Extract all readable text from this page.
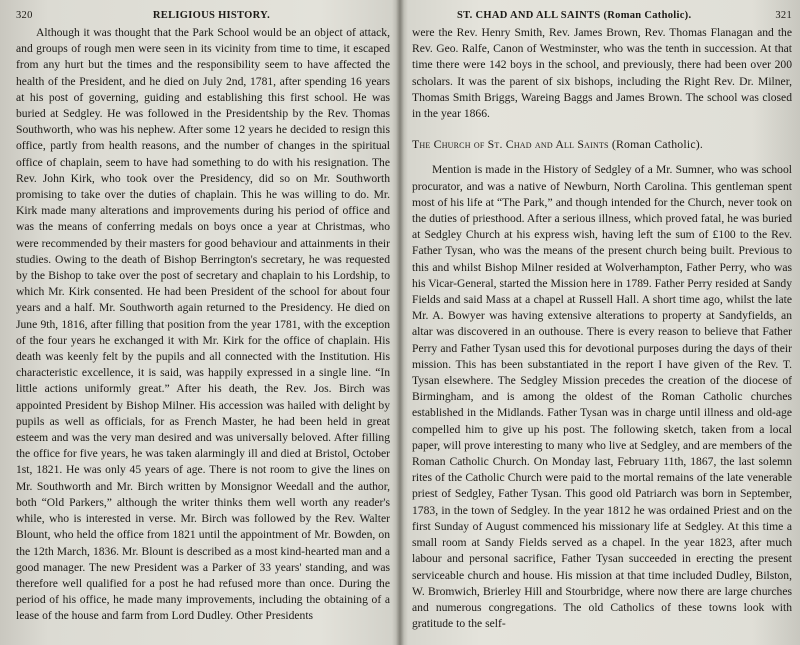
320	RELIGIOUS HISTORY.

Although it was thought that the Park School would be an object of attack, and groups of rough men were seen in its vicinity from time to time, it escaped from any hurt but the times and the responsibility seem to have affected the health of the President, and he died on July 2nd, 1781, after spending 16 years at his post of governing, guiding and establishing this first school. He was buried at Sedgley. He was followed in the Presidentship by the Rev. Thomas Southworth, who was his nephew. After some 12 years he decided to resign this office, partly from health reasons, and the number of changes in the spiritual office of chaplain, seem to have had something to do with his resignation. The Rev. John Kirk, who took over the Presidency, did so on Mr. Southworth promising to take over the duties of chaplain. This he was willing to do. Mr. Kirk made many alterations and improvements during his period of office and was the means of conferring medals on boys once a year at Christmas, who were recommended by their masters for good behaviour and attainments in their studies. Owing to the death of Bishop Berrington's secretary, he was requested by the Bishop to take over the post of secretary and chaplain to his Lordship, to which Mr. Kirk consented. He had been President of the school for about four years and a half. Mr. Southworth again returned to the Presidency. He died on June 9th, 1816, after filling that position from the year 1781, with the exception of the four years he exchanged it with Mr. Kirk for the office of chaplain. His death was keenly felt by the pupils and all connected with the Institution. His characteristic excellence, it is said, was happily expressed in a single line. “In little actions uniformly great.” After his death, the Rev. Jos. Birch was appointed President by Bishop Milner. His accession was hailed with delight by pupils as well as officials, for as French Master, he had been held in great esteem and was the very man desired and was universally beloved. After filling the office for five years, he was taken alarmingly ill and died at Bristol, October 1st, 1821. He was only 45 years of age. There is not room to give the lines on Mr. Southworth and Mr. Birch written by Monsignor Weedall and the author, both “Old Parkers,” although the writer thinks them well worth any reader's while, who is interested in verse. Mr. Birch was followed by the Rev. Walter Blount, who held the office from 1821 until the appointment of Mr. Bowden, on the 12th March, 1836. Mr. Blount is described as a most kind-hearted man and a good manager. The new President was a Parker of 33 years' standing, and was therefore well qualified for a post he had refused more than once. During the period of his office, he made many improvements, including the obtaining of a lease of the house and farm from Lord Dudley. Other Presidents

ST. CHAD AND ALL SAINTS (Roman Catholic).	321

were the Rev. Henry Smith, Rev. James Brown, Rev. Thomas Flanagan and the Rev. Geo. Ralfe, Canon of Westminster, who was the tenth in succession. At that time there were 142 boys in the school, and previously, there had been over 200 scholars. It was the parent of six bishops, including the Right Rev. Dr. Milner, Thomas Smith Briggs, Wareing Baggs and James Brown. The school was closed in the year 1866.

The Church of St. Chad and All Saints (Roman Catholic).

Mention is made in the History of Sedgley of a Mr. Sumner, who was school procurator, and was a native of Newburn, North Carolina. This gentleman spent most of his life at “The Park,” and though intended for the Church, never took on the duties of priesthood. After a serious illness, which proved fatal, he was buried at Sedgley Church at his express wish, having left the sum of £100 to the Rev. Father Tysan, who was the means of the present church being built. Previous to this and whilst Bishop Milner resided at Wolverhampton, Father Perry, who was his Vicar-General, started the Mission here in 1789. Father Perry resided at Sandy Fields and said Mass at a chapel at Russell Hall. A short time ago, whilst the late Mr. A. Bowyer was having extensive alterations to property at Sandyfields, an altar was discovered in an outhouse. There is every reason to believe that Father Perry and Father Tysan used this for devotional purposes during the days of their mission. This has been substantiated in the report I have given of the Rev. T. Tysan elsewhere. The Sedgley Mission precedes the creation of the diocese of Birmingham, and is among the oldest of the Roman Catholic churches established in the Midlands. Father Tysan was in charge until illness and old-age compelled him to give up his post. The following sketch, taken from a local paper, will prove interesting to many who live at Sedgley, and are members of the Roman Catholic Church. On Monday last, February 11th, 1867, the last solemn rites of the Catholic Church were paid to the mortal remains of the late venerable priest of Sedgley, Father Tysan. This good old Patriarch was born in September, 1783, in the town of Sedgley. In the year 1812 he was ordained Priest and on the first Sunday of August commenced his missionary life at Sedgley. At this time a small room at Sandy Fields served as a chapel. In the year 1823, after much labour and personal sacrifice, Father Tysan succeeded in erecting the present serviceable church and house. His mission at that time included Dudley, Bilston, W. Bromwich, Brierley Hill and Stourbridge, where now there are large churches and numerous congregations. The old Catholics of these towns look with gratitude to the self-
